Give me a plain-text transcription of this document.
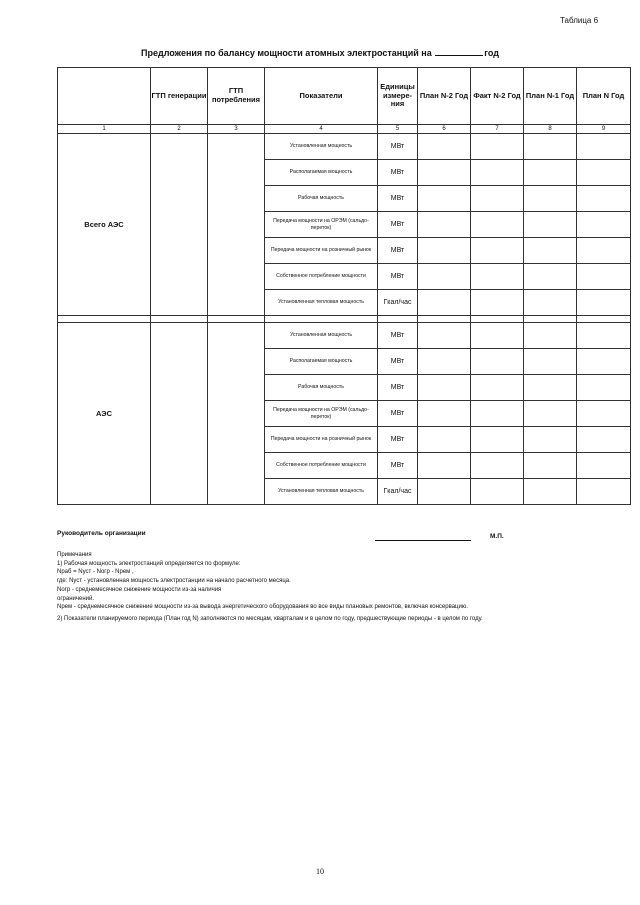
Таблица 6
Предложения по балансу мощности атомных электростанций на	год
	ГТП генерации	ГТП потребления	Показатели	Единицы измере-ния	План N-2 Год	Факт N-2 Год	План N-1 Год	План N Год
1	2	3	4	5	6	7	8	9
Всего АЭС			Установленная мощность	МВт				
			Располагаемая мощность	МВт				
			Рабочая мощность	МВт				
			Передача мощности на ОРЭМ (сальдо-переток)	МВт				
			Передача мощности на розничный рынок	МВт				
			Собственное потребление мощности	МВт				
			Установленная тепловая мощность	Гкал/час				

АЭС			Установленная мощность	МВт				
			Располагаемая мощность	МВт				
			Рабочая мощность	МВт				
			Передача мощности на ОРЭМ (сальдо-переток)	МВт				
			Передача мощности на розничный рынок	МВт				
			Собственное потребление мощности	МВт				
			Установленная тепловая мощность	Гкал/час				
Руководитель организации	М.П.

Примечания

1) Рабочая мощность электростанций определяется по формуле:

Nраб = Nуст - Nогр - Nрем ,

где: Nуст - установленная мощность электростанции на начало расчетного месяца.

Nогр - среднемесячное снижение мощности из-за наличия

ограничений.

Nрем - среднемесячное снижение мощности из-за вывода энергетического оборудования во все виды плановых ремонтов, включая консервацию.

2) Показатели планируемого периода (План год N) заполняются по месяцам, кварталам и в целом по году, предшествующие периоды - в целом по году.

10
